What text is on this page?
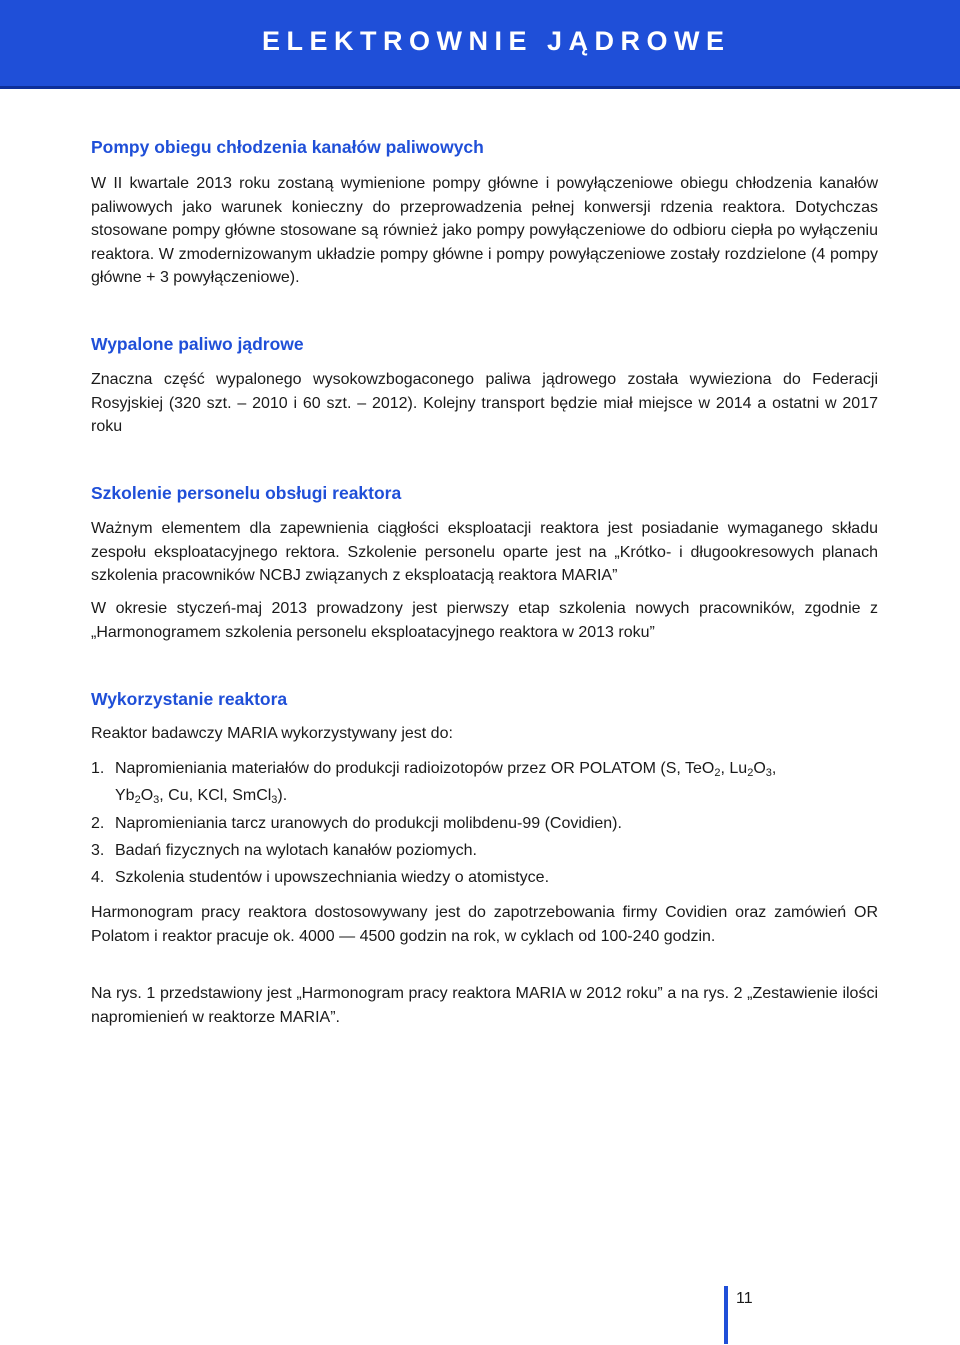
ELEKTROWNIE JĄDROWE
Pompy obiegu chłodzenia kanałów paliwowych
W II kwartale 2013 roku zostaną wymienione pompy główne i powyłączeniowe obiegu chłodzenia kanałów paliwowych jako warunek konieczny do przeprowadzenia pełnej konwersji rdzenia reaktora. Dotychczas stosowane pompy główne stosowane są również jako pompy powyłączeniowe do odbioru ciepła po wyłączeniu reaktora. W zmodernizowanym układzie pompy główne i pompy powyłączeniowe zostały rozdzielone (4 pompy główne + 3 powyłączeniowe).
Wypalone paliwo jądrowe
Znaczna część wypalonego wysokowzbogaconego paliwa jądrowego została wywieziona do Federacji Rosyjskiej (320 szt. – 2010 i 60 szt. – 2012). Kolejny transport będzie miał miejsce w 2014 a ostatni w 2017 roku
Szkolenie personelu obsługi reaktora
Ważnym elementem dla zapewnienia ciągłości eksploatacji reaktora jest posiadanie wymaganego składu zespołu eksploatacyjnego rektora. Szkolenie personelu oparte jest na „Krótko- i długookresowych planach szkolenia pracowników NCBJ związanych z eksploatacją reaktora MARIA”
W okresie styczeń-maj 2013 prowadzony jest pierwszy etap szkolenia nowych pracowników, zgodnie z „Harmonogramem szkolenia personelu eksploatacyjnego reaktora w 2013 roku”
Wykorzystanie reaktora
Reaktor badawczy MARIA wykorzystywany jest do:
1. Napromieniania materiałów do produkcji radioizotopów przez OR POLATOM (S, TeO$_2$, $Lu_2O_3$,
$Yb_2O_3$, Cu, KCl, SmCl$_3$).
2. Napromieniania tarcz uranowych do produkcji molibdenu-99 (Covidien).
3. Badań fizycznych na wylotach kanałów poziomych.
4. Szkolenia studentów i upowszechniania wiedzy o atomistyce.
Harmonogram pracy reaktora dostosowywany jest do zapotrzebowania firmy Covidien oraz zamówień OR Polatom i reaktor pracuje ok. 4000 — 4500 godzin na rok, w cyklach od 100-240 godzin.
Na rys. 1 przedstawiony jest „Harmonogram pracy reaktora MARIA w 2012 roku” a na rys. 2 „Zestawienie ilości napromienień w reaktorze MARIA”.
11
